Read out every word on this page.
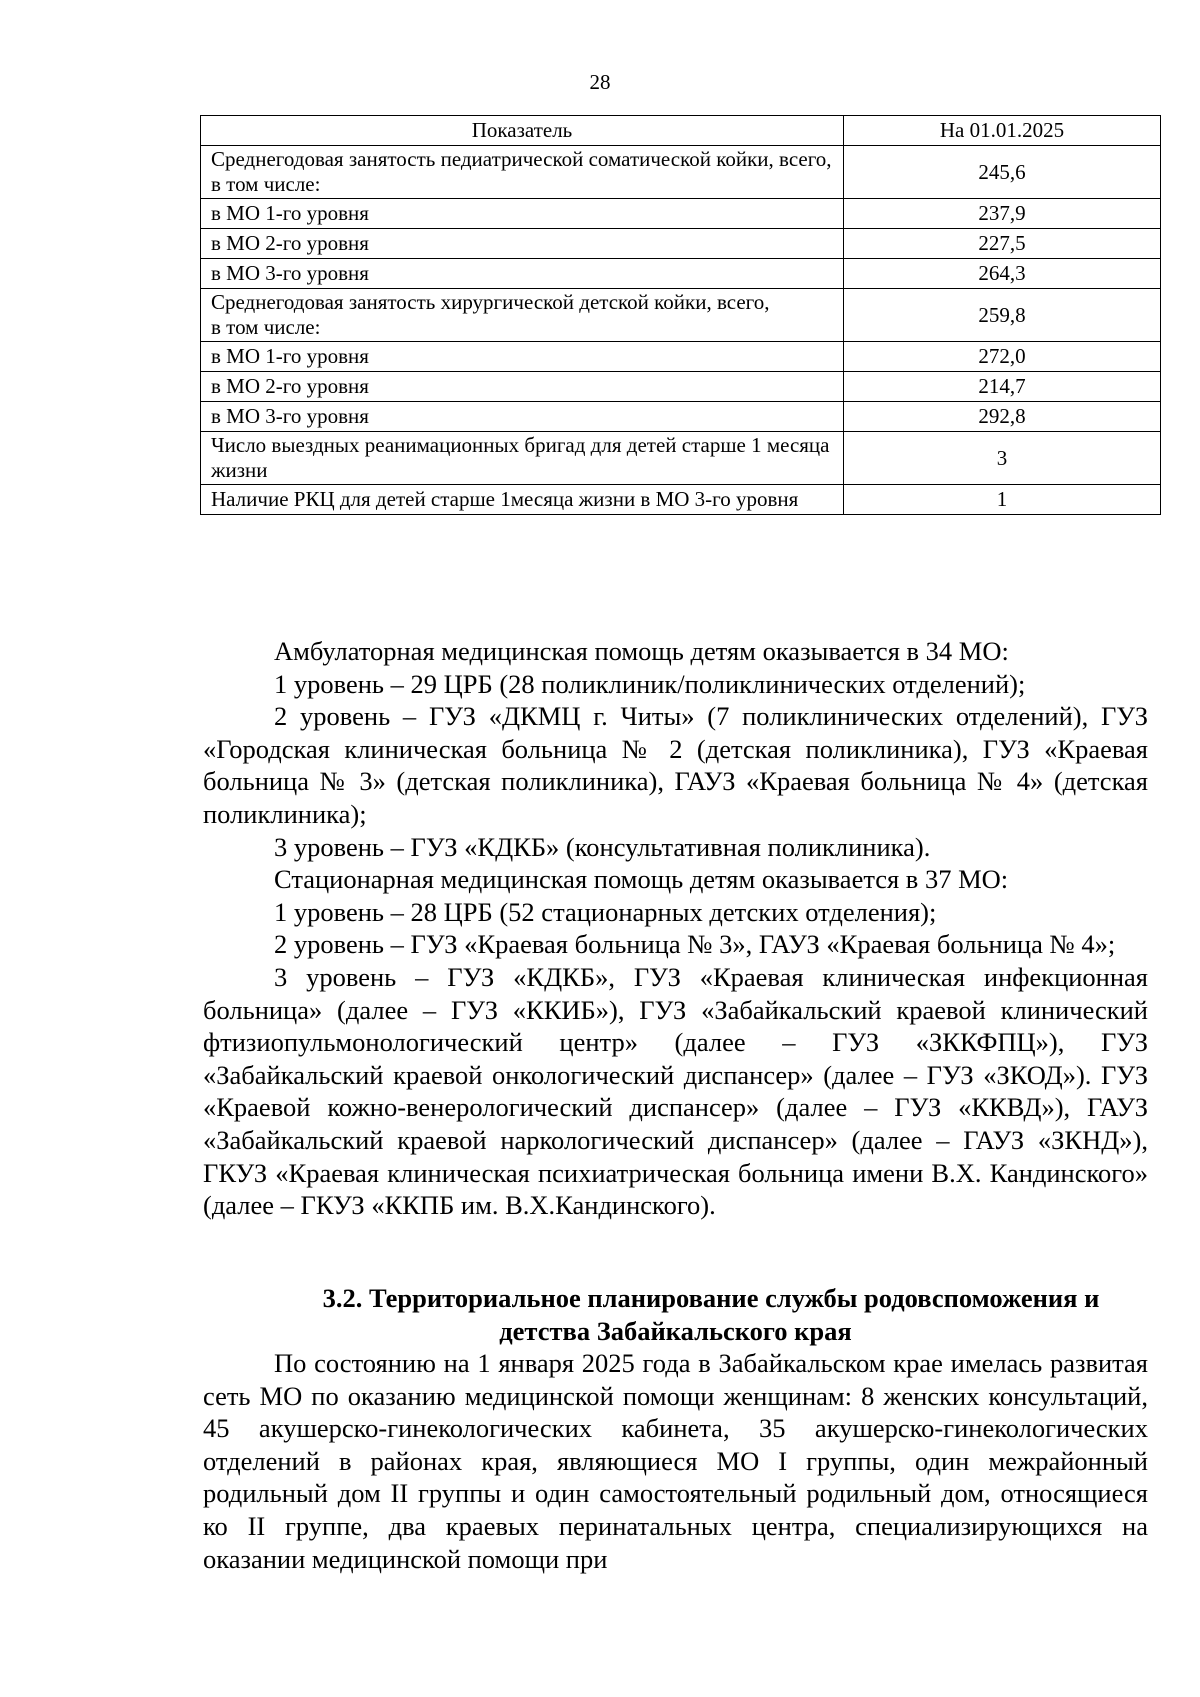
28
Показатель	На 01.01.2025
Среднегодовая занятость педиатрической соматической койки, всего,
в том числе:	245,6
в МО 1-го уровня	237,9
в МО 2-го уровня	227,5
в МО 3-го уровня	264,3
Среднегодовая занятость хирургической детской койки, всего,
в том числе:	259,8
в МО 1-го уровня	272,0
в МО 2-го уровня	214,7
в МО 3-го уровня	292,8
Число выездных реанимационных бригад для детей старше 1 месяца жизни	3
Наличие РКЦ для детей старше 1месяца жизни в МО 3-го уровня	1

Амбулаторная медицинская помощь детям оказывается в 34 МО:

1 уровень – 29 ЦРБ (28 поликлиник/поликлинических отделений);

2 уровень – ГУЗ «ДКМЦ г. Читы» (7 поликлинических отделений), ГУЗ «Городская клиническая больница № 2 (детская поликлиника), ГУЗ «Краевая больница № 3» (детская поликлиника), ГАУЗ «Краевая больница № 4» (детская поликлиника);

3 уровень – ГУЗ «КДКБ» (консультативная поликлиника).

Стационарная медицинская помощь детям оказывается в 37 МО:

1 уровень – 28 ЦРБ (52 стационарных детских отделения);

2 уровень – ГУЗ «Краевая больница № 3», ГАУЗ «Краевая больница № 4»;

3 уровень – ГУЗ «КДКБ», ГУЗ «Краевая клиническая инфекционная больница» (далее – ГУЗ «ККИБ»), ГУЗ «Забайкальский краевой клинический фтизиопульмонологический центр» (далее – ГУЗ «ЗККФПЦ»), ГУЗ «Забайкальский краевой онкологический диспансер» (далее – ГУЗ «ЗКОД»). ГУЗ «Краевой кожно-венерологический диспансер» (далее – ГУЗ «ККВД»), ГАУЗ «Забайкальский краевой наркологический диспансер» (далее – ГАУЗ «ЗКНД»), ГКУЗ «Краевая клиническая психиатрическая больница имени В.Х. Кандинского» (далее – ГКУЗ «ККПБ им. В.Х.Кандинского).

3.2. Территориальное планирование службы родовспоможения и детства Забайкальского края

По состоянию на 1 января 2025 года в Забайкальском крае имелась развитая сеть МО по оказанию медицинской помощи женщинам: 8 женских консультаций, 45 акушерско-гинекологических кабинета, 35 акушерско-гинекологических отделений в районах края, являющиеся МО I группы, один межрайонный родильный дом II группы и один самостоятельный родильный дом, относящиеся ко II группе, два краевых перинатальных центра, специализирующихся на оказании медицинской помощи при
